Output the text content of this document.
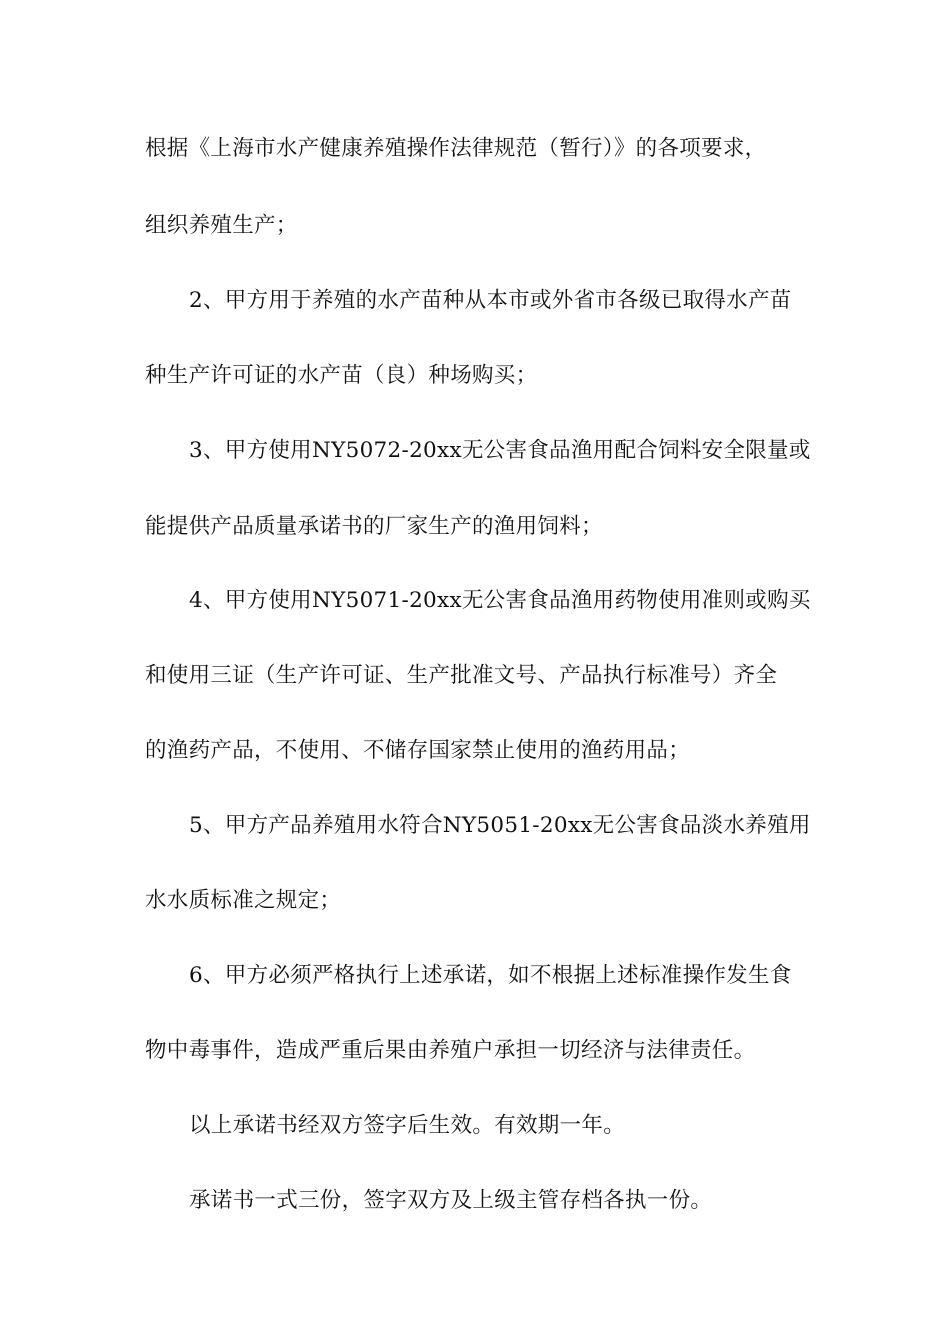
根据《上海市水产健康养殖操作法律规范（暂行）》的各项要求，
组织养殖生产；
2、甲方用于养殖的水产苗种从本市或外省市各级已取得水产苗
种生产许可证的水产苗（良）种场购买；
3、甲方使用NY5072-20xx无公害食品渔用配合饲料安全限量或
能提供产品质量承诺书的厂家生产的渔用饲料；
4、甲方使用NY5071-20xx无公害食品渔用药物使用准则或购买
和使用三证（生产许可证、生产批准文号、产品执行标准号）齐全
的渔药产品，不使用、不储存国家禁止使用的渔药用品；
5、甲方产品养殖用水符合NY5051-20xx无公害食品淡水养殖用
水水质标准之规定；
6、甲方必须严格执行上述承诺，如不根据上述标准操作发生食
物中毒事件，造成严重后果由养殖户承担一切经济与法律责任。
以上承诺书经双方签字后生效。有效期一年。
承诺书一式三份，签字双方及上级主管存档各执一份。
